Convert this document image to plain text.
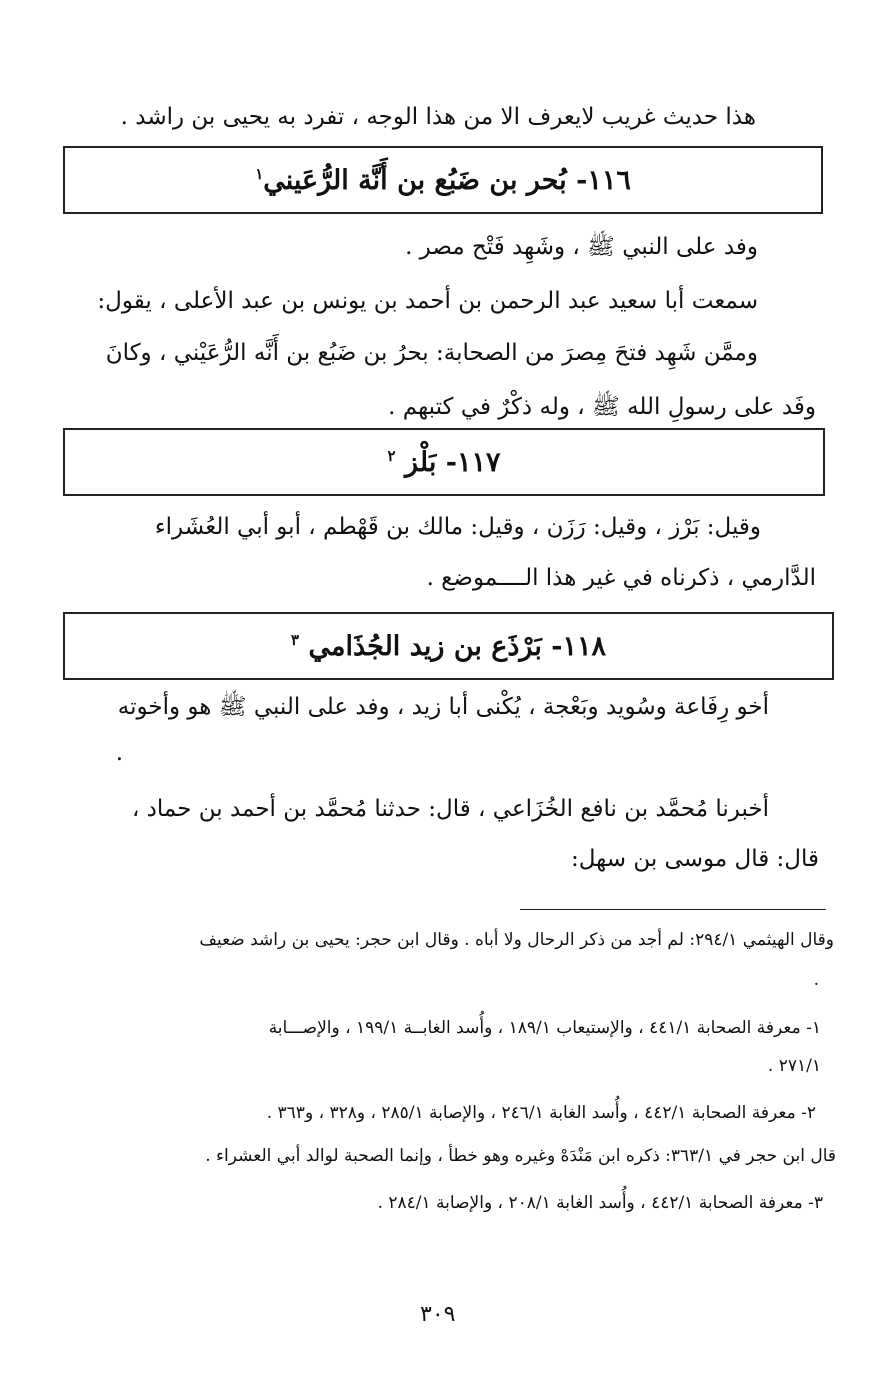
هذا حديث غريب لايعرف الا من هذا الوجه ، تفرد به يحيى بن راشد .
١١٦- بُحر بن ضَبُع بن أَنَّة الرُّعَيني$^١$
وفد على النبي ﷺ ، وشَهِد فَتْح مصر .
سمعت أبا سعيد عبد الرحمن بن أحمد بن يونس بن عبد الأعلى ، يقول:
وممَّن شَهِد فتحَ مِصرَ من الصحابة: بحرُ بن ضَبُع بن أَنَّه الرُّعَيْني ، وكانَ
وفَد على رسولِ الله ﷺ ، وله ذكْرٌ في كتبهم .
١١٧- بَلْز $^٢$
وقيل: بَرْز ، وقيل: رَزَن ، وقيل: مالك بن قَهْطم ، أبو أبي العُشَراء
الدَّارمي ، ذكرناه في غير هذا الــــموضع .
١١٨- بَرْذَع بن زيد الجُذَامي $^٣$
أخو رِفَاعة وسُويد وبَعْجة ، يُكْنى أبا زيد ، وفد على النبي ﷺ هو وأخوته
.
أخبرنا مُحمَّد بن نافع الخُزَاعي ، قال: حدثنا مُحمَّد بن أحمد بن حماد ،
قال: قال موسى بن سهل:
وقال الهيثمي ٢٩٤/١: لم أجد من ذكر الرحال ولا أباه . وقال ابن حجر: يحيى بن راشد ضعيف
.
١- معرفة الصحابة ٤٤١/١ ، والإستيعاب ١٨٩/١ ، وأُسد الغابــة ١٩٩/١ ، والإصـــابة
٢٧١/١ .
٢- معرفة الصحابة ٤٤٢/١ ، وأُسد الغابة ٢٤٦/١ ، والإصابة ٢٨٥/١ ، و٣٢٨ ، و٣٦٣ .
قال ابن حجر في ٣٦٣/١: ذكره ابن مَنْدَهْ وغيره وهو خطأ ، وإنما الصحبة لوالد أبي العشراء .
٣- معرفة الصحابة ٤٤٢/١ ، وأُسد الغابة ٢٠٨/١ ، والإصابة ٢٨٤/١ .
٣٠٩
